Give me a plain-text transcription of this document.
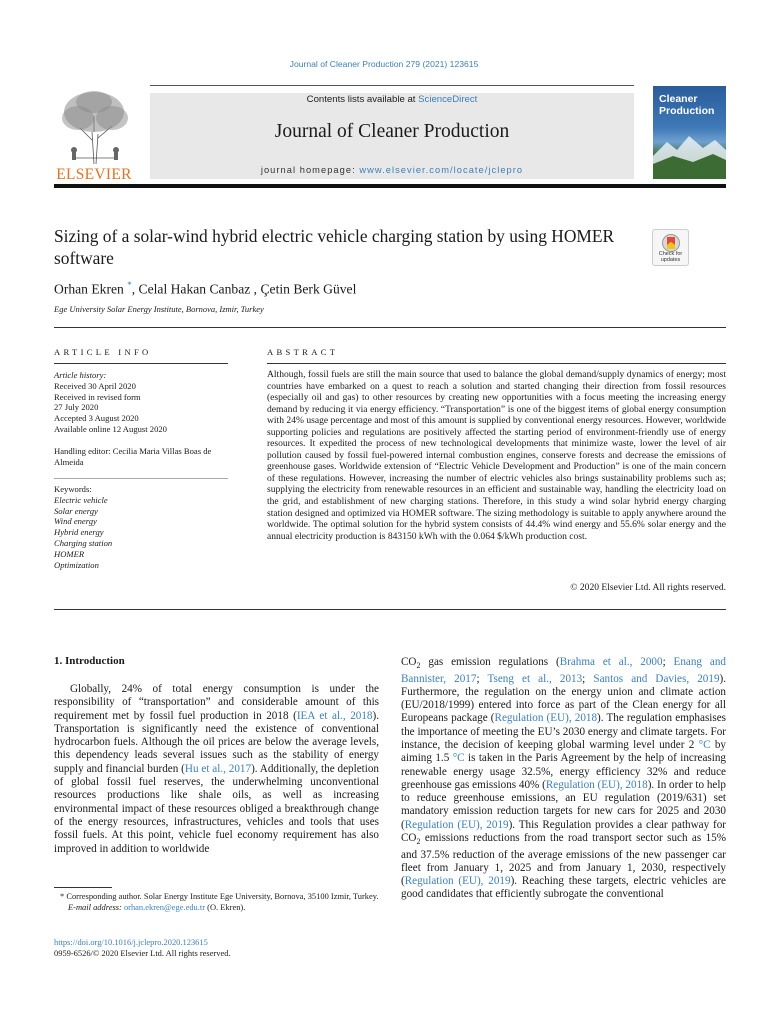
Journal of Cleaner Production 279 (2021) 123615
ELSEVIER
Contents lists available at ScienceDirect
Journal of Cleaner Production
journal homepage: www.elsevier.com/locate/jclepro
Cleaner Production
Sizing of a solar-wind hybrid electric vehicle charging station by using HOMER software	Check for updates
Orhan Ekren *, Celal Hakan Canbaz , Çetin Berk Güvel
Ege University Solar Energy Institute, Bornova, Izmir, Turkey
ARTICLE INFO
Article history:
Received 30 April 2020
Received in revised form
27 July 2020
Accepted 3 August 2020
Available online 12 August 2020
Handling editor: Cecilia Maria Villas Boas de Almeida
Keywords:
Electric vehicle
Solar energy
Wind energy
Hybrid energy
Charging station
HOMER
Optimization
ABSTRACT
Although, fossil fuels are still the main source that used to balance the global demand/supply dynamics of energy; most countries have embarked on a quest to reach a solution and started changing their direction from fossil resources (especially oil and gas) to other resources by creating new opportunities with a focus meeting the increasing energy demand by reducing it via energy efficiency. “Transportation” is one of the biggest items of global energy consumption with 24% usage percentage and most of this amount is supplied by conventional energy resources. However, worldwide supporting policies and regulations are positively affected the starting period of environment-friendly use of energy resources. It expedited the process of new technological developments that minimize waste, lower the level of air pollution caused by fossil fuel-powered internal combustion engines, conserve forests and decrease the emissions of greenhouse gases. Worldwide extension of “Electric Vehicle Development and Production” is one of the main concern of these regulations. However, increasing the number of electric vehicles also brings sustainability problems such as; supplying the electricity from renewable resources in an efficient and sustainable way, handling the electricity load on the grid, and establishment of new charging stations. Therefore, in this study a wind solar hybrid energy charging station designed and optimized via HOMER software. The sizing methodology is suitable to apply anywhere around the worldwide. The optimal solution for the hybrid system consists of 44.4% wind energy and 55.6% solar energy and the annual electricity production is 843150 kWh with the 0.064 $/kWh production cost.
© 2020 Elsevier Ltd. All rights reserved.
1. Introduction
Globally, 24% of total energy consumption is under the responsibility of “transportation” and considerable amount of this requirement met by fossil fuel production in 2018 (IEA et al., 2018). Transportation is significantly need the existence of conventional hydrocarbon fuels. Although the oil prices are below the average levels, this dependency leads several issues such as the stability of energy supply and financial burden (Hu et al., 2017). Additionally, the depletion of global fossil fuel reserves, the underwhelming unconventional resources productions like shale oils, as well as increasing environmental impact of these resources obliged a breakthrough change of the energy resources, infrastructures, vehicles and tools that uses fossil fuels. At this point, vehicle fuel economy requirement has also improved in addition to worldwide
$CO_2$ gas emission regulations (Brahma et al., 2000; Enang and Bannister, 2017; Tseng et al., 2013; Santos and Davies, 2019). Furthermore, the regulation on the energy union and climate action (EU/2018/1999) entered into force as part of the Clean energy for all Europeans package (Regulation (EU), 2018). The regulation emphasises the importance of meeting the EU’s 2030 energy and climate targets. For instance, the decision of keeping global warming level under 2 °C by aiming 1.5 °C is taken in the Paris Agreement by the help of increasing renewable energy usage 32.5%, energy efficiency 32% and reduce greenhouse gas emissions 40% (Regulation (EU), 2018). In order to help to reduce greenhouse emissions, an EU regulation (2019/631) set mandatory emission reduction targets for new cars for 2025 and 2030 (Regulation (EU), 2019). This Regulation provides a clear pathway for $CO_2$ emissions reductions from the road transport sector such as 15% and 37.5% reduction of the average emissions of the new passenger car fleet from January 1, 2025 and from January 1, 2030, respectively (Regulation (EU), 2019). Reaching these targets, electric vehicles are good candidates that efficiently subrogate the conventional
* Corresponding author. Solar Energy Institute Ege University, Bornova, 35100 Izmir, Turkey.
E-mail address: orhan.ekren@ege.edu.tr (O. Ekren).
https://doi.org/10.1016/j.jclepro.2020.123615
0959-6526/© 2020 Elsevier Ltd. All rights reserved.
